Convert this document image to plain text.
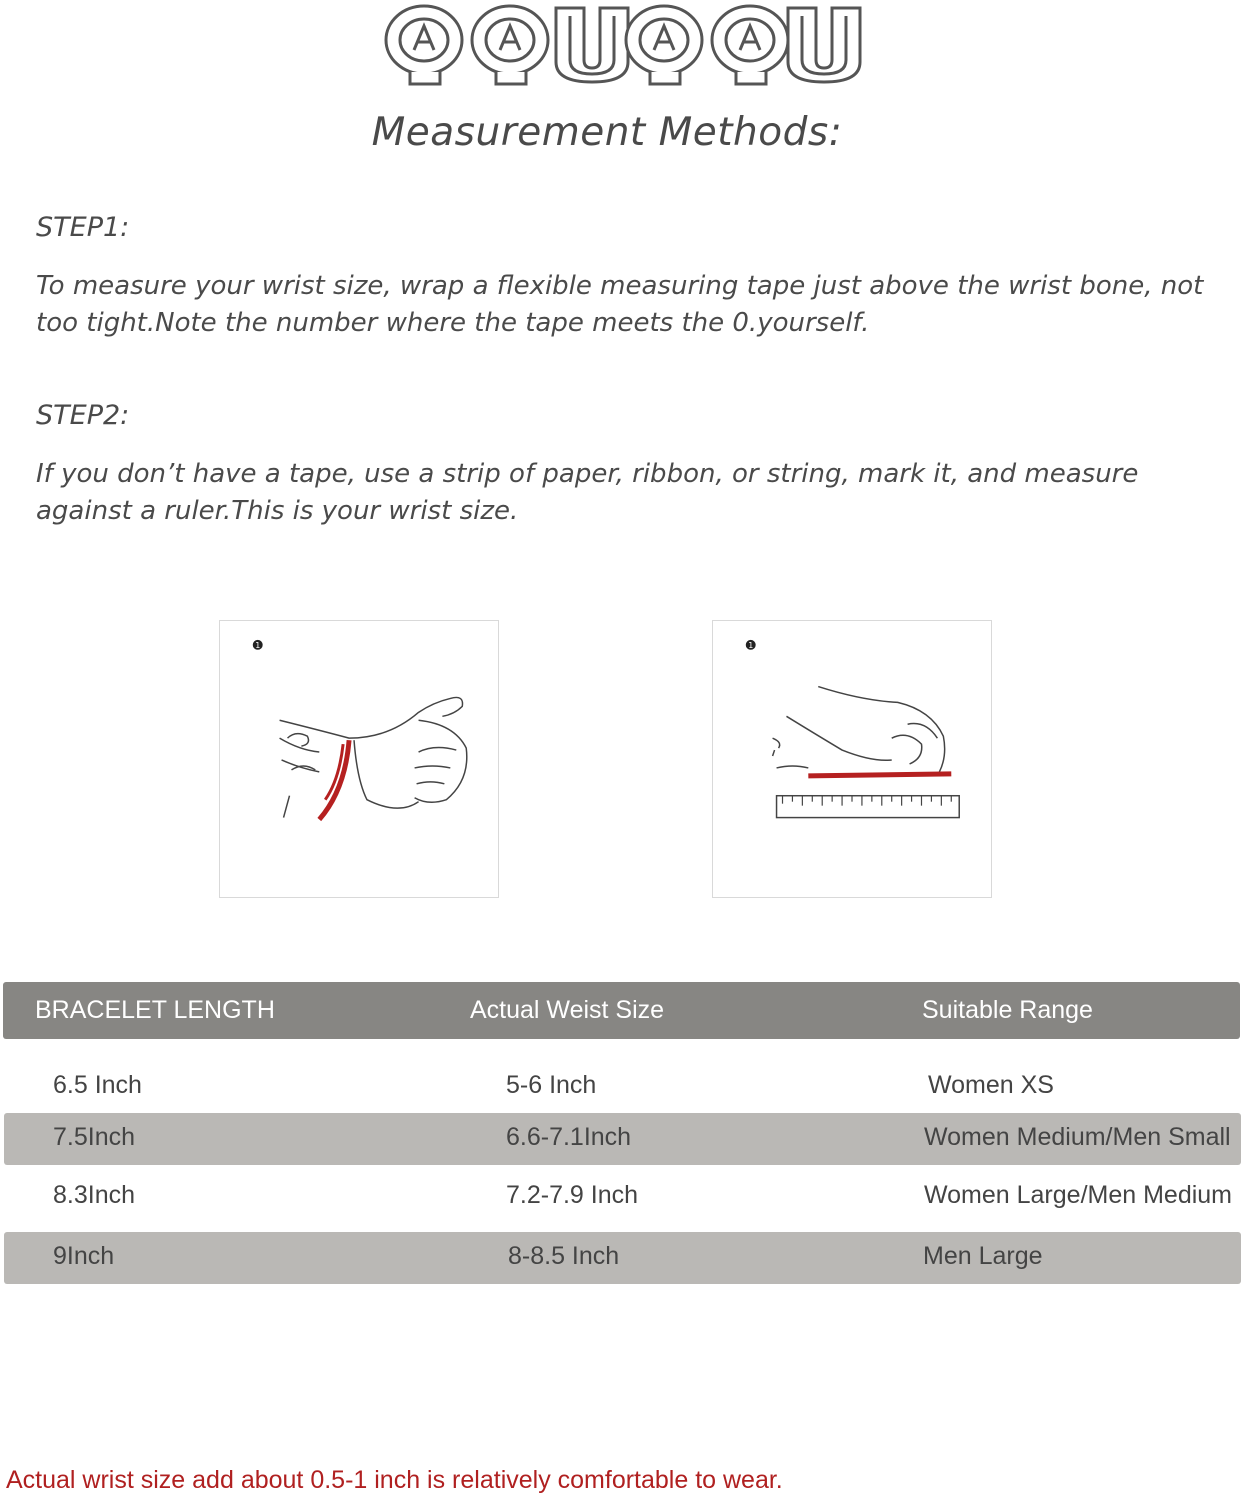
Measurement Methods:
STEP1:
To measure your wrist size, wrap a flexible measuring tape just above the wrist bone, not too tight.Note the number where the tape meets the 0.yourself.
STEP2:
If you don’t have a tape, use a strip of paper, ribbon, or string, mark it, and measure against a ruler.This is your wrist size.
1	1
BRACELET LENGTH	Actual Weist Size	Suitable Range
6.5 Inch	5-6 Inch	Women XS
7.5Inch	6.6-7.1Inch	Women Medium/Men Small
8.3Inch	7.2-7.9 Inch	Women Large/Men Medium
9Inch	8-8.5 Inch	Men Large
Actual wrist size add about 0.5-1 inch is relatively comfortable to wear.
